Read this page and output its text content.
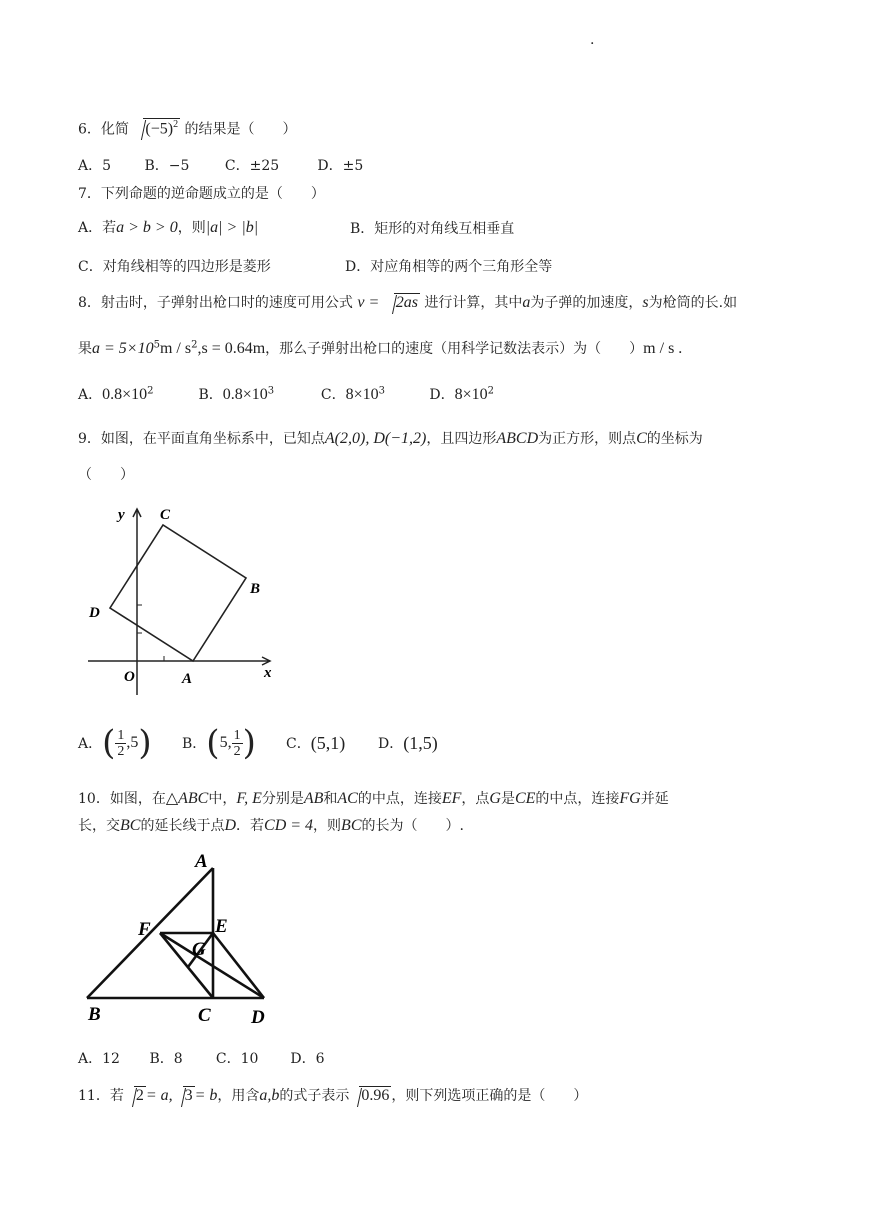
.
6．化简 $(-5)^2$ 的结果是（　　）
A．5 B．−5	C．±25	D．±5
7．下列命题的逆命题成立的是（　　）
A．若a > b > 0，则|a| > |b|	B．矩形的对角线互相垂直
C．对角线相等的四边形是菱形	D．对应角相等的两个三角形全等
8．射击时，子弹射出枪口时的速度可用公式 v = 2as 进行计算，其中a为子弹的加速度，s为枪筒的长.如
果$a = 5\times 10^5m / s^2,s = 0.64m$，那么子弹射出枪口的速度（用科学记数法表示）为（　　）m / s .
A．$0.8\times 10^2$	B．$0.8\times 10^3$	C．$8\times 10^3$	D．$8\times 10^2$
9．如图，在平面直角坐标系中，已知点A(2,0), D(−1,2)，且四边形ABCD为正方形，则点C的坐标为
（　　）
y
x
O	A
B
C
D
A． ( $\frac{1}{2} ,5$ ) B． ( 5, $\frac{1}{2}$ ) C． (5,1) D． (1,5)
10．如图，在△ABC中，F, E分别是AB和AC的中点，连接EF，点G是CE的中点，连接FG并延
长，交BC的延长线于点D．若CD = 4，则BC的长为（　　）.
A
B	C D
E
F
G
A．12 B．8 C．10 D．6
11．若 2 = a, 3 = b，用含a,b的式子表示 0.96 ，则下列选项正确的是（　　）
